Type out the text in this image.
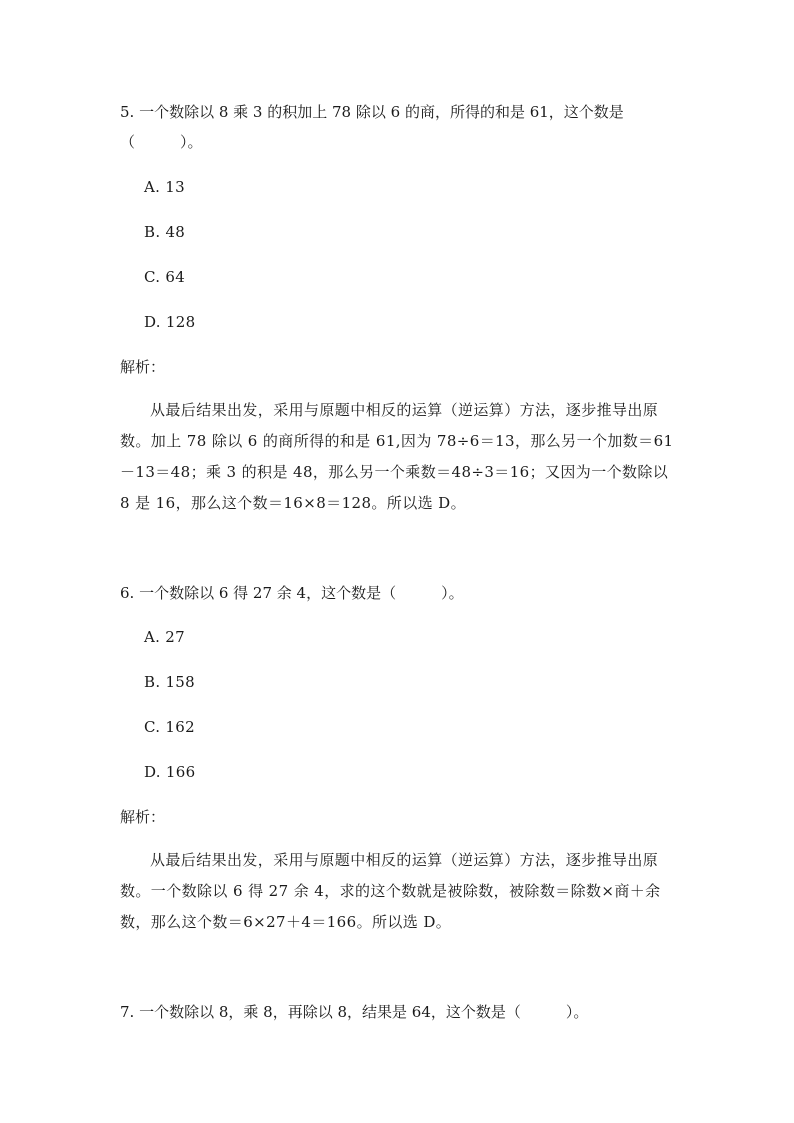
5. 一个数除以 8 乘 3 的积加上 78 除以 6 的商，所得的和是 61，这个数是（　　　）。

A. 13

B. 48

C. 64

D. 128

解析：

从最后结果出发，采用与原题中相反的运算（逆运算）方法，逐步推导出原数。加上 78 除以 6 的商所得的和是 61,因为 78÷6＝13，那么另一个加数＝61－13＝48；乘 3 的积是 48，那么另一个乘数＝48÷3＝16；又因为一个数除以 8 是 16，那么这个数＝16×8＝128。所以选 D。

6. 一个数除以 6 得 27 余 4，这个数是（　　　）。

A. 27

B. 158

C. 162

D. 166

解析：

从最后结果出发，采用与原题中相反的运算（逆运算）方法，逐步推导出原数。一个数除以 6 得 27 余 4，求的这个数就是被除数，被除数＝除数×商＋余数，那么这个数＝6×27＋4＝166。所以选 D。

7. 一个数除以 8，乘 8，再除以 8，结果是 64，这个数是（　　　）。
